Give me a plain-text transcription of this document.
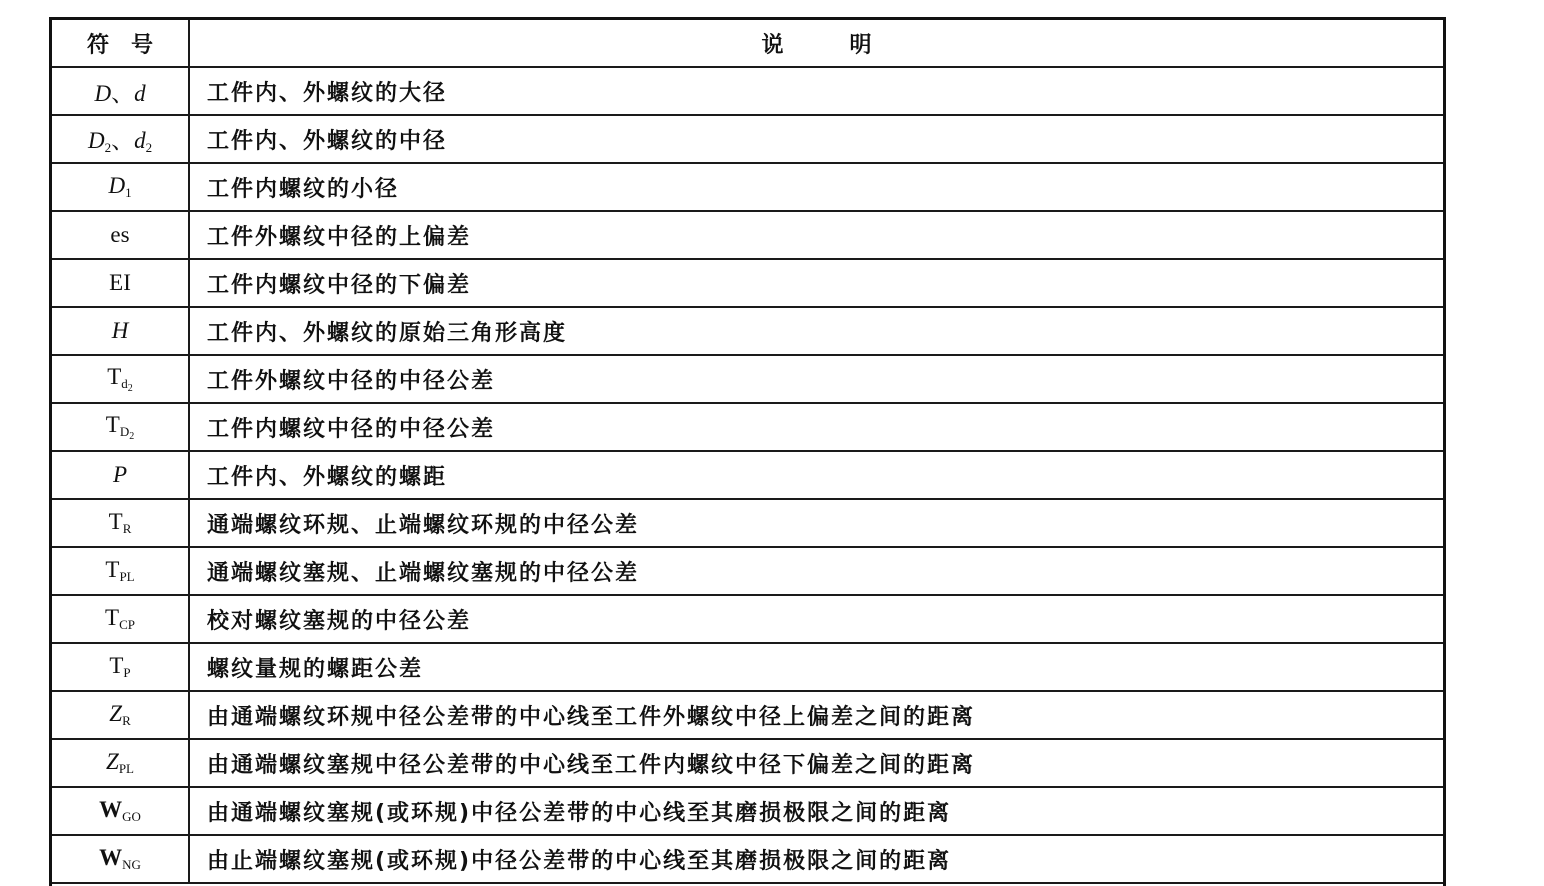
符 号	说 明
D、d	工件内、外螺纹的大径
$D_2$、$d_2$	工件内、外螺纹的中径
$D_1$	工件内螺纹的小径
es	工件外螺纹中径的上偏差
EI	工件内螺纹中径的下偏差
H	工件内、外螺纹的原始三角形高度
$T_{d_2}$	工件外螺纹中径的中径公差
$T_{D_2}$	工件内螺纹中径的中径公差
P	工件内、外螺纹的螺距
$T_R$	通端螺纹环规、止端螺纹环规的中径公差
$T_{PL}$	通端螺纹塞规、止端螺纹塞规的中径公差
$T_{CP}$	校对螺纹塞规的中径公差
$T_P$	螺纹量规的螺距公差
$Z_R$	由通端螺纹环规中径公差带的中心线至工件外螺纹中径上偏差之间的距离
$Z_{PL}$	由通端螺纹塞规中径公差带的中心线至工件内螺纹中径下偏差之间的距离
$W_{GO}$	由通端螺纹塞规(或环规)中径公差带的中心线至其磨损极限之间的距离
$W_{NG}$	由止端螺纹塞规(或环规)中径公差带的中心线至其磨损极限之间的距离
